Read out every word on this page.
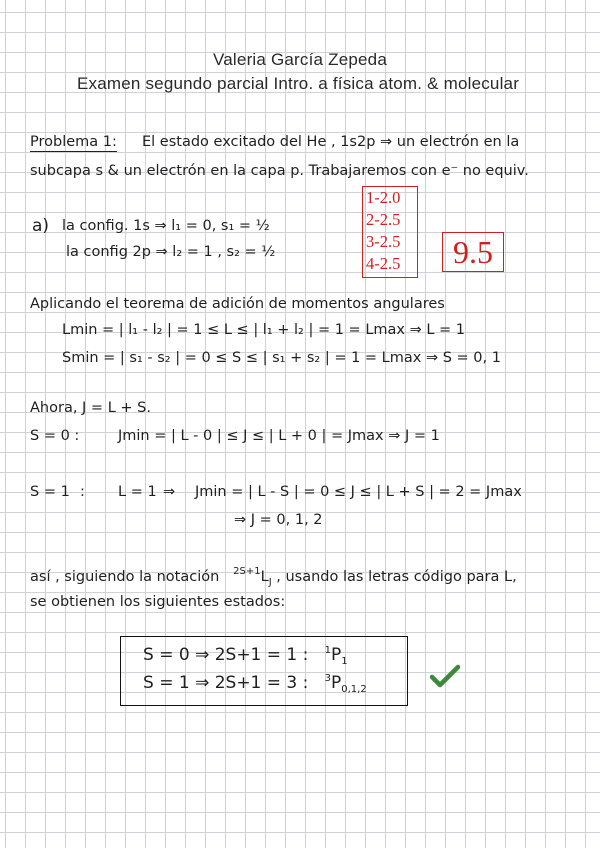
Valeria García Zepeda
Examen segundo parcial Intro. a física atom. & molecular
Problema 1: El estado excitado del He , 1s2p ⇒ un electrón en la
subcapa s & un electrón en la capa p. Trabajaremos con e⁻ no equiv.
a) la config. 1s ⇒ l₁ = 0, s₁ = ½
la config 2p ⇒ l₂ = 1 , s₂ = ½
1-2.0
2-2.5
3-2.5
4-2.5	9.5
Aplicando el teorema de adición de momentos angulares
Lmin = | l₁ - l₂ | = 1 ≤ L ≤ | l₁ + l₂ | = 1 = Lmax ⇒ L = 1
Smin = | s₁ - s₂ | = 0 ≤ S ≤ | s₁ + s₂ | = 1 = Lmax ⇒ S = 0, 1
Ahora, J = L + S.
S = 0 :	Jmin = | L - 0 | ≤ J ≤ | L + 0 | = Jmax ⇒ J = 1
S = 1 : L = 1 ⇒ Jmin = | L - S | = 0 ≤ J ≤ | L + S | = 2 = Jmax
⇒ J = 0, 1, 2
así , siguiendo la notación $^{2S+1}L_J$ , usando las letras código para L,
se obtienen los siguientes estados:
S = 0 ⇒ 2S+1 = 1 : $^1P_1$
S = 1 ⇒ 2S+1 = 3 : $^3P_{0,1,2}$
